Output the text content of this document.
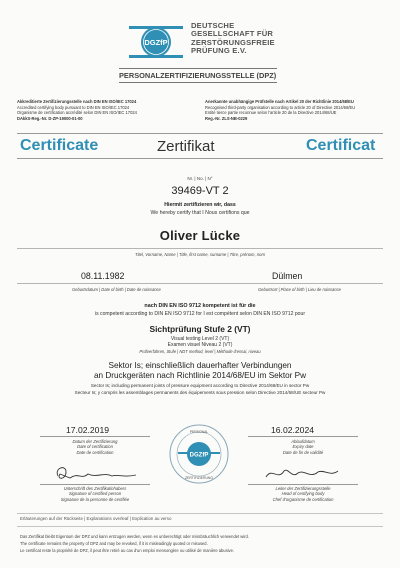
DGZfP
DEUTSCHE
GESELLSCHAFT FÜR
ZERSTÖRUNGSFREIE
PRÜFUNG E.V.
PERSONALZERTIFIZIERUNGSSTELLE (DPZ)
Akkreditierte Zertifizierungsstelle nach DIN EN ISO/IEC 17024
Accredited certifying body pursuant to DIN EN ISO/IEC 17024
Organisme de certification accrédité selon DIN EN ISO/IEC 17024
DAkkS-Reg.-Nr. D-ZP-19000-01-00
Anerkannte unabhängige Prüfstelle nach Artikel 20 der Richtlinie 2014/68/EU
Recognised third-party organisation according to article 20 of Directive 2014/68/EU
Entité tierce partie reconnue selon l'article 20 de la Directive 2014/68/UE
Reg.-Nr. ZLS-NB-0229
Certificate	Zertifikat	Certificat
Nr. | No. | N°
39469-VT 2
Hiermit zertifizieren wir, dass
We hereby certify that I Nous certifions que
Oliver Lücke
Titel, Vorname, Name | Title, first name, surname | Titre, prénom, nom
08.11.1982	Dülmen
Geburtsdatum | Date of birth | Date de naissance	Geburtsort | Place of birth | Lieu de naissance
nach DIN EN ISO 9712 kompetent ist für die
is competent according to DIN EN ISO 9712 for I est compétent selon DIN EN ISO 9712 pour
Sichtprüfung Stufe 2 (VT)
Visual testing Level 2 (VT)
Examen visuel Niveau 2 (VT)
Prüfverfahren, Stufe | NDT method, level | Méthode d'essai, niveau
Sektor Is; einschließlich dauerhafter Verbindungen
an Druckgeräten nach Richtlinie 2014/68/EU im Sektor Pw
Sector Is; including permanent joints of pressure equipment according to Directive 2014/68/EU in sector Pw
Secteur Is; y compris les assemblages permanents des équipements sous pression selon Directive 2014/68/UE secteur Pw
17.02.2019	16.02.2024
Datum der Zertifizierung
Date of certification
Date de certification
Ablaufdatum
Expiry date
Date de fin de validité
DGZfP
PERSONAL
ZERTIFIZIERUNG
Unterschrift des Zertifikatinhabers
Signature of certified person
Signature de la personne de certifiée
Leiter der Zertifizierungsstelle
Head of certifying body
Chef d'organisme de certification
Erläuterungen auf der Rückseite | Explanations overleaf | Explication au verso
Das Zertifikat bleibt Eigentum der DPZ und kann entzogen werden, wenn es unberechtigt oder missbräuchlich verwendet wird.
The certificate remains the property of DPZ and may be revoked, if it is misleadingly quoted or misused.
Le certificat reste la propriété de DPZ, il peut être retiré au cas d'un emploi mensongère ou utilisé de manière abusive.
